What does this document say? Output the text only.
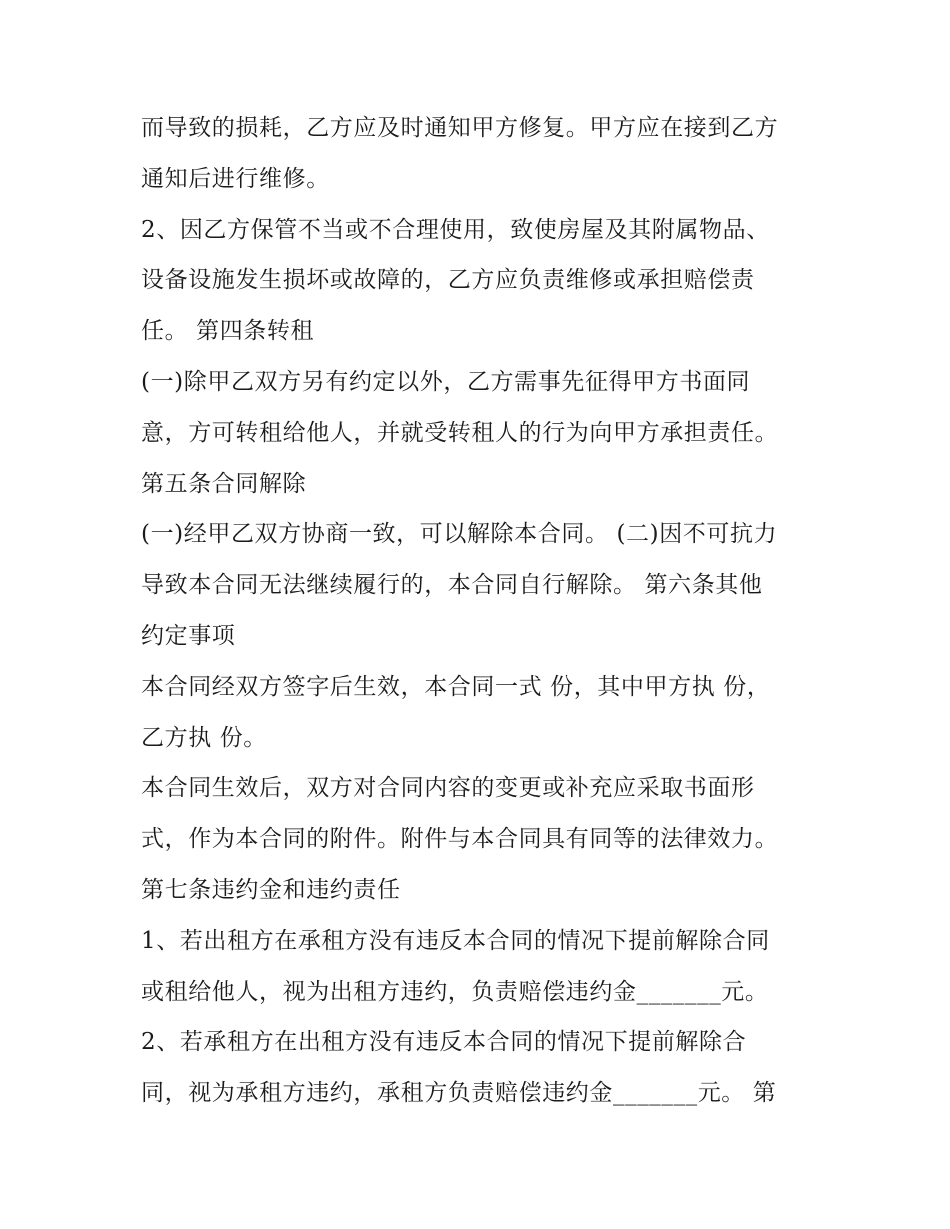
而导致的损耗，乙方应及时通知甲方修复。甲方应在接到乙方
通知后进行维修。
2、因乙方保管不当或不合理使用，致使房屋及其附属物品、
设备设施发生损坏或故障的，乙方应负责维修或承担赔偿责
任。 第四条转租
(一)除甲乙双方另有约定以外，乙方需事先征得甲方书面同
意，方可转租给他人，并就受转租人的行为向甲方承担责任。
第五条合同解除
(一)经甲乙双方协商一致，可以解除本合同。 (二)因不可抗力
导致本合同无法继续履行的，本合同自行解除。 第六条其他
约定事项
本合同经双方签字后生效，本合同一式 份，其中甲方执 份，
乙方执 份。
本合同生效后，双方对合同内容的变更或补充应采取书面形
式，作为本合同的附件。附件与本合同具有同等的法律效力。
第七条违约金和违约责任
1、若出租方在承租方没有违反本合同的情况下提前解除合同
或租给他人，视为出租方违约，负责赔偿违约金_______元。
2、若承租方在出租方没有违反本合同的情况下提前解除合
同，视为承租方违约，承租方负责赔偿违约金_______元。 第
